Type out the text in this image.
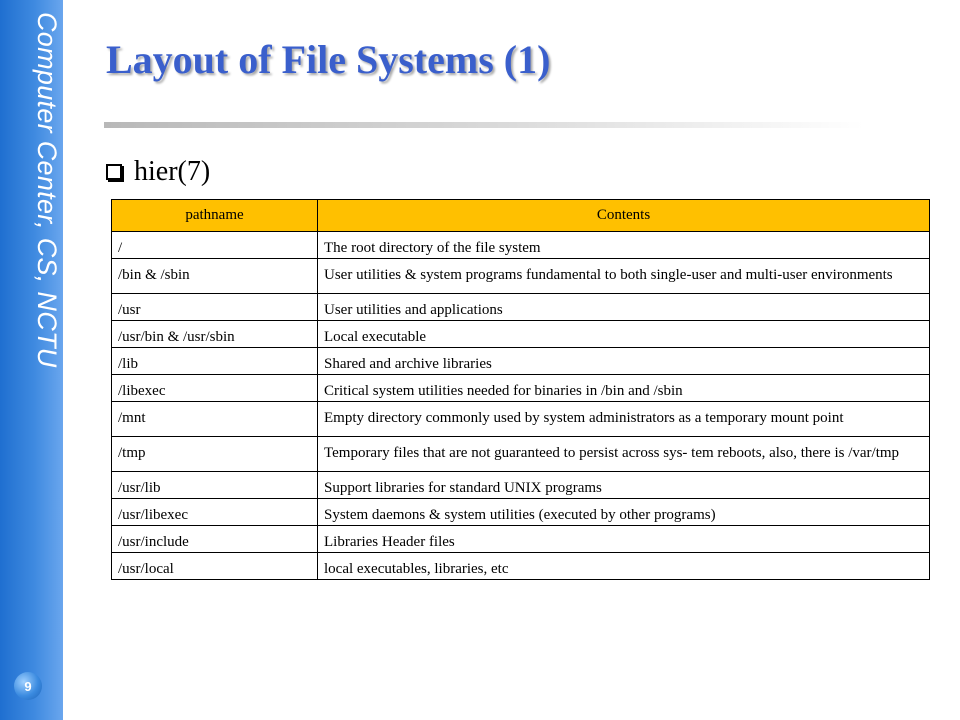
Computer Center, CS, NCTU
9
Layout of File Systems (1)
hier(7)
pathname	Contents
/	The root directory of the file system
/bin & /sbin	User utilities & system programs fundamental to both single-user and multi-user environments
/usr	User utilities and applications
/usr/bin & /usr/sbin	Local executable
/lib	Shared and archive libraries
/libexec	Critical system utilities needed for binaries in /bin and /sbin
/mnt	Empty directory commonly used by system administrators as a temporary mount point
/tmp	Temporary files that are not guaranteed to persist across sys- tem reboots, also, there is /var/tmp
/usr/lib	Support libraries for standard UNIX programs
/usr/libexec	System daemons & system utilities (executed by other programs)
/usr/include	Libraries Header files
/usr/local	local executables, libraries, etc
